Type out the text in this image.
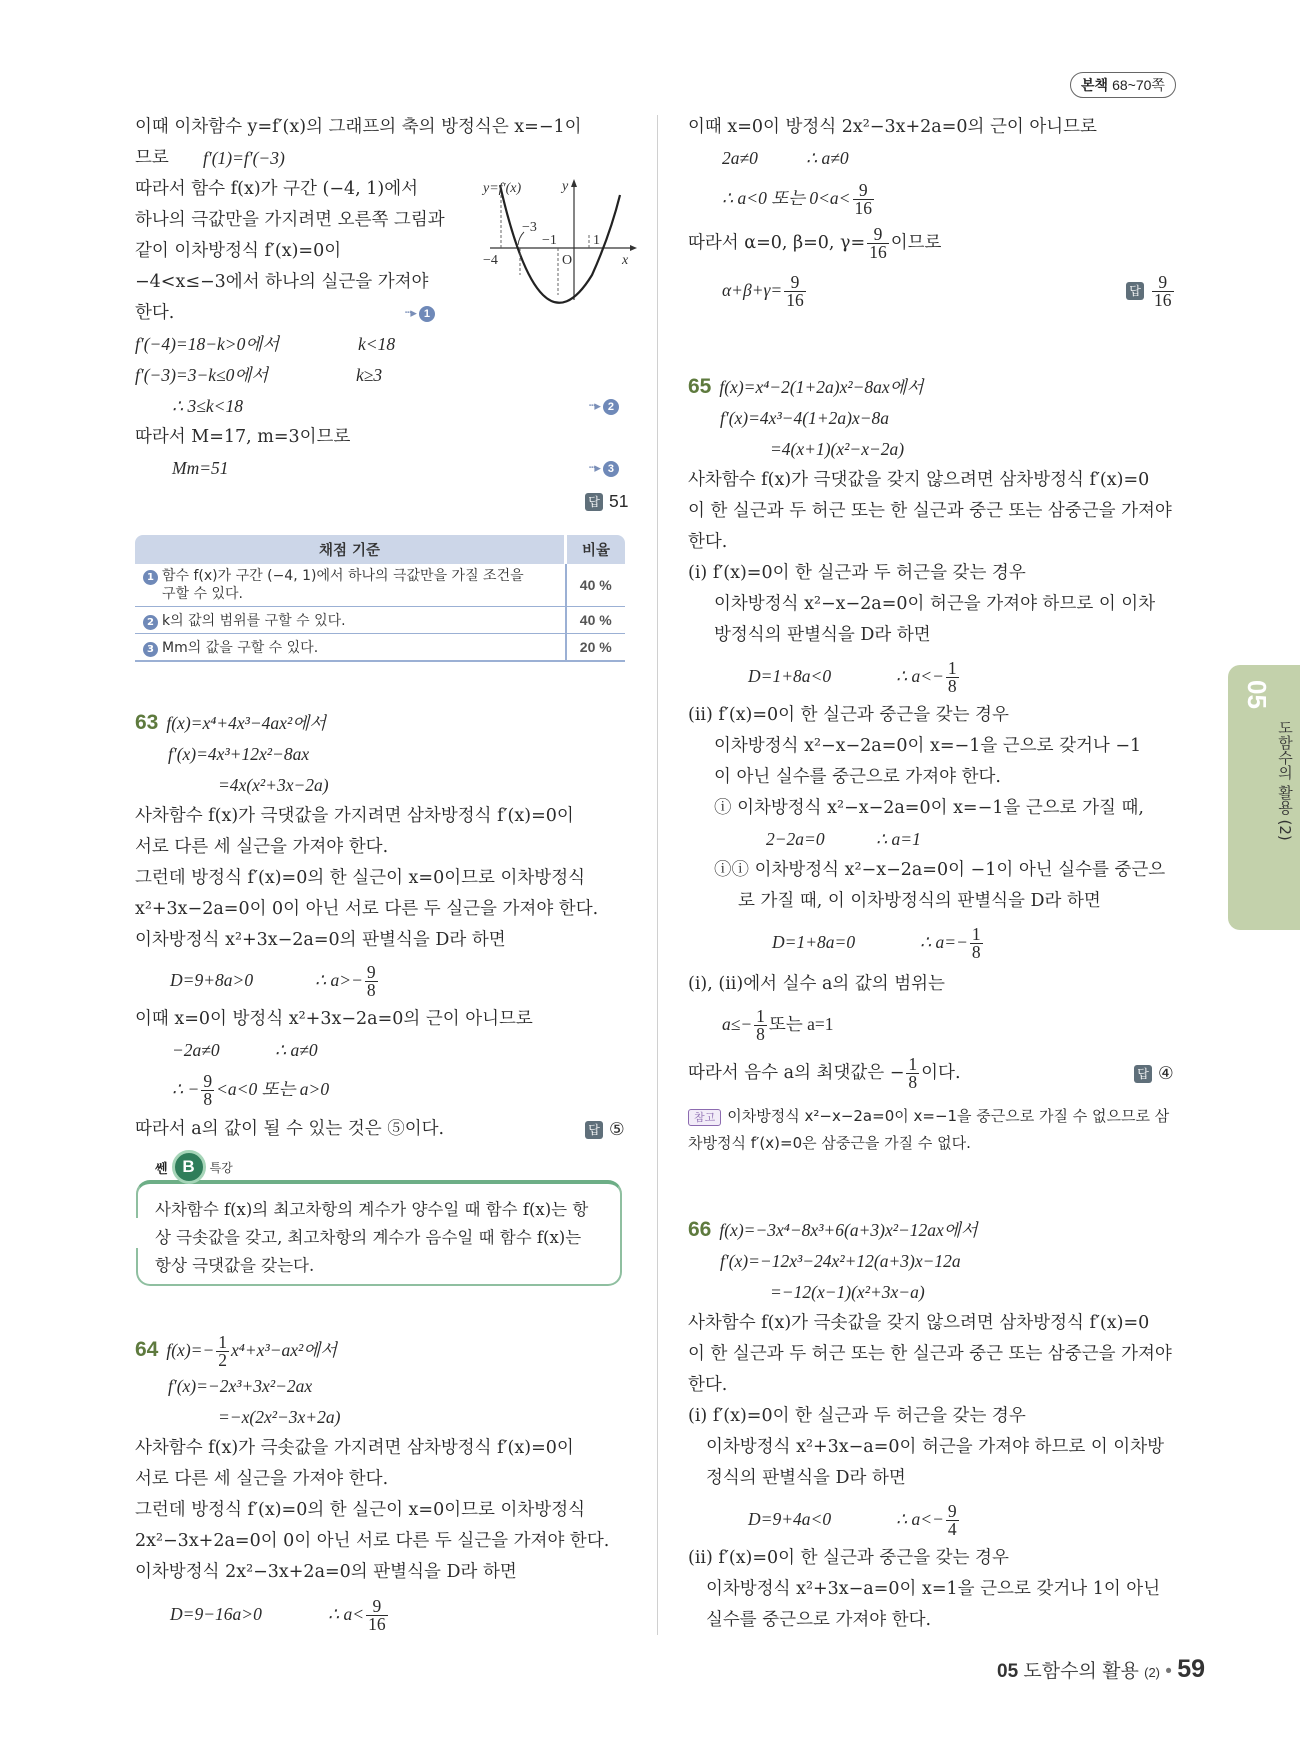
본책 68~70쪽
이때 이차함수 y=f′(x)의 그래프의 축의 방정식은 x=−1이
므로 f′(1)=f′(−3)
따라서 함수 f(x)가 구간 (−4, 1)에서
하나의 극값만을 가지려면 오른쪽 그림과
같이 이차방정식 f′(x)=0이
−4<x≤−3에서 하나의 실근을 가져야
한다.	···▸ 1
y=f′(x)	y
x
O
−4
−3
−1	1
f′(−4)=18−k>0에서	k<18
f′(−3)=3−k≤0에서	k≥3
∴ 3≤k<18	···▸ 2
따라서 M=17, m=3이므로
Mm=51	···▸ 3
답 51
채점 기준	비율
1 함수 f(x)가 구간 (−4, 1)에서 하나의 극값만을 가질 조건을
구할 수 있다.	40 %
2 k의 값의 범위를 구할 수 있다.	40 %
3 Mm의 값을 구할 수 있다.	20 %
63 f(x)=x⁴+4x³−4ax²에서
f′(x)=4x³+12x²−8ax
=4x(x²+3x−2a)
사차함수 f(x)가 극댓값을 가지려면 삼차방정식 f′(x)=0이
서로 다른 세 실근을 가져야 한다.
그런데 방정식 f′(x)=0의 한 실근이 x=0이므로 이차방정식
x²+3x−2a=0이 0이 아닌 서로 다른 두 실근을 가져야 한다.
이차방정식 x²+3x−2a=0의 판별식을 D라 하면
D=9+8a>0	∴ $a>- \frac{9}{8}$
이때 x=0이 방정식 x²+3x−2a=0의 근이 아니므로
−2a≠0	∴ a≠0
∴ − $\frac{9}{8} <a<0$ 또는 a>0
따라서 a의 값이 될 수 있는 것은 ⑤이다.	답 ⑤
쎈 B	특강
사차함수 f(x)의 최고차항의 계수가 양수일 때 함수 f(x)는 항
상 극솟값을 갖고, 최고차항의 계수가 음수일 때 함수 f(x)는
항상 극댓값을 갖는다.
64 $f(x)=- \frac{1}{2} x^4+x^3-ax^2$에서
f′(x)=−2x³+3x²−2ax
=−x(2x²−3x+2a)
사차함수 f(x)가 극솟값을 가지려면 삼차방정식 f′(x)=0이
서로 다른 세 실근을 가져야 한다.
그런데 방정식 f′(x)=0의 한 실근이 x=0이므로 이차방정식
2x²−3x+2a=0이 0이 아닌 서로 다른 두 실근을 가져야 한다.
이차방정식 2x²−3x+2a=0의 판별식을 D라 하면
D=9−16a>0	∴ $a< \frac{9}{16}$
이때 x=0이 방정식 2x²−3x+2a=0의 근이 아니므로
2a≠0	∴ a≠0
∴ a<0 또는 $0<a< \frac{9}{16}$
따라서 α=0, β=0, $\gamma= \frac{9}{16}$ 이므로
$\alpha+\beta+\gamma= \frac{9}{16}$	답 $\frac{9}{16}$
65 f(x)=x⁴−2(1+2a)x²−8ax에서
f′(x)=4x³−4(1+2a)x−8a
=4(x+1)(x²−x−2a)
사차함수 f(x)가 극댓값을 갖지 않으려면 삼차방정식 f′(x)=0
이 한 실근과 두 허근 또는 한 실근과 중근 또는 삼중근을 가져야
한다.
(i) f′(x)=0이 한 실근과 두 허근을 갖는 경우
이차방정식 x²−x−2a=0이 허근을 가져야 하므로 이 이차
방정식의 판별식을 D라 하면
D=1+8a<0	∴ $a<- \frac{1}{8}$
(ii) f′(x)=0이 한 실근과 중근을 갖는 경우
이차방정식 x²−x−2a=0이 x=−1을 근으로 갖거나 −1
이 아닌 실수를 중근으로 가져야 한다.
ⓘ 이차방정식 x²−x−2a=0이 x=−1을 근으로 가질 때,
2−2a=0	∴ a=1
ⓘⓘ 이차방정식 x²−x−2a=0이 −1이 아닌 실수를 중근으
로 가질 때, 이 이차방정식의 판별식을 D라 하면
D=1+8a=0	∴ $a=- \frac{1}{8}$
(i), (ii)에서 실수 a의 값의 범위는
$a\le- \frac{1}{8}$ 또는 a=1
따라서 음수 a의 최댓값은 − $\frac{1}{8}$ 이다.	답 ④
참고 이차방정식 x²−x−2a=0이 x=−1을 중근으로 가질 수 없으므로 삼
차방정식 f′(x)=0은 삼중근을 가질 수 없다.
66 f(x)=−3x⁴−8x³+6(a+3)x²−12ax에서
f′(x)=−12x³−24x²+12(a+3)x−12a
=−12(x−1)(x²+3x−a)
사차함수 f(x)가 극솟값을 갖지 않으려면 삼차방정식 f′(x)=0
이 한 실근과 두 허근 또는 한 실근과 중근 또는 삼중근을 가져야
한다.
(i) f′(x)=0이 한 실근과 두 허근을 갖는 경우
이차방정식 x²+3x−a=0이 허근을 가져야 하므로 이 이차방
정식의 판별식을 D라 하면
D=9+4a<0	∴ $a<- \frac{9}{4}$
(ii) f′(x)=0이 한 실근과 중근을 갖는 경우
이차방정식 x²+3x−a=0이 x=1을 근으로 갖거나 1이 아닌
실수를 중근으로 가져야 한다.
05
도함수의 활용 (2)
05 도함수의 활용 (2) • 59
